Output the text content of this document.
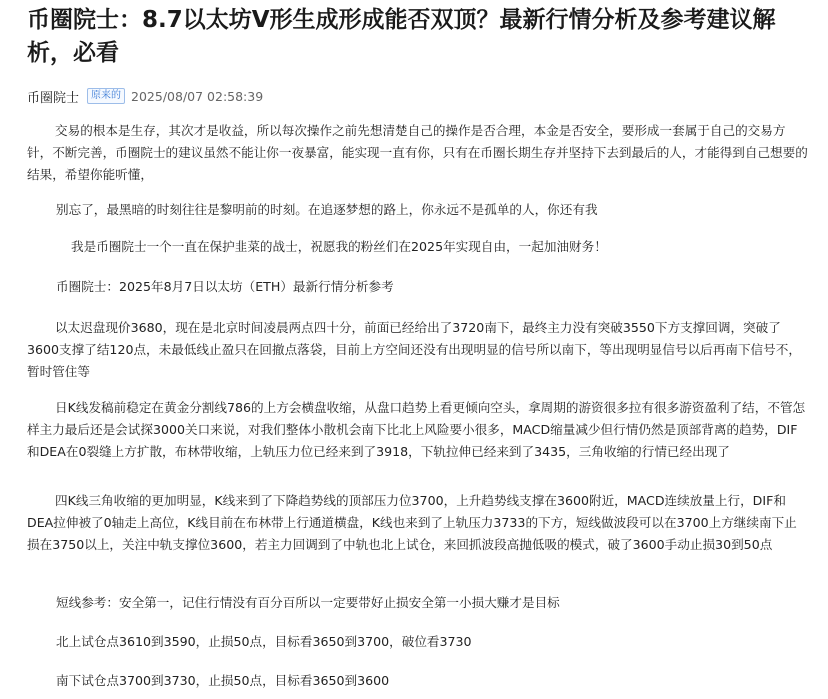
币圈院士：8.7以太坊V形生成形成能否双顶？最新行情分析及参考建议解析，必看
币圈院士	原来的 2025/08/07 02:58:39

交易的根本是生存，其次才是收益，所以每次操作之前先想清楚自己的操作是否合理，本金是否安全，要形成一套属于自己的交易方针，不断完善，币圈院士的建议虽然不能让你一夜暴富，能实现一直有你，只有在币圈长期生存并坚持下去到最后的人，才能得到自己想要的结果，希望你能听懂，

别忘了，最黑暗的时刻往往是黎明前的时刻。在追逐梦想的路上，你永远不是孤单的人，你还有我

我是币圈院士一个一直在保护韭菜的战士，祝愿我的粉丝们在2025年实现自由，一起加油财务！

币圈院士：2025年8月7日以太坊（ETH）最新行情分析参考

以太迟盘现价3680，现在是北京时间凌晨两点四十分，前面已经给出了3720南下，最终主力没有突破3550下方支撑回调，突破了3600支撑了结120点，未最低线止盈只在回撤点落袋，目前上方空间还没有出现明显的信号所以南下，等出现明显信号以后再南下信号不，暂时管住等

日K线发稿前稳定在黄金分割线786的上方会横盘收缩，从盘口趋势上看更倾向空头，拿周期的游资很多拉有很多游资盈利了结，不管怎样主力最后还是会试探3000关口来说，对我们整体小散机会南下比北上风险要小很多，MACD缩量减少但行情仍然是顶部背离的趋势，DIF和DEA在0裂缝上方扩散，布林带收缩，上轨压力位已经来到了3918，下轨拉伸已经来到了3435，三角收缩的行情已经出现了

四K线三角收缩的更加明显，K线来到了下降趋势线的顶部压力位3700，上升趋势线支撑在3600附近，MACD连续放量上行，DIF和DEA拉伸被了0轴走上高位，K线目前在布林带上行通道横盘，K线也来到了上轨压力3733的下方，短线做波段可以在3700上方继续南下止损在3750以上，关注中轨支撑位3600，若主力回调到了中轨也北上试仓，来回抓波段高抛低吸的模式，破了3600手动止损30到50点

短线参考：安全第一，记住行情没有百分百所以一定要带好止损安全第一小损大赚才是目标

北上试仓点3610到3590，止损50点，目标看3650到3700，破位看3730

南下试仓点3700到3730，止损50点，目标看3650到3600
